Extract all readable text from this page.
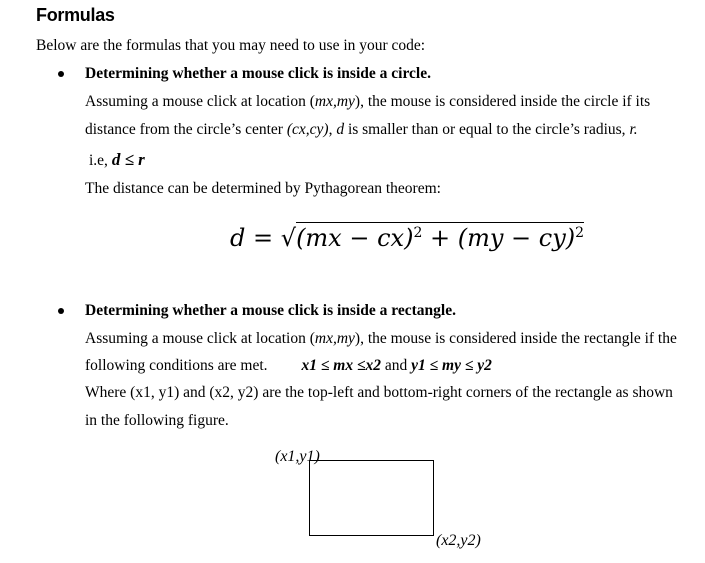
Formulas
Below are the formulas that you may need to use in your code:
Determining whether a mouse click is inside a circle.
Assuming a mouse click at location (mx,my), the mouse is considered inside the circle if its
distance from the circle’s center (cx,cy), d is smaller than or equal to the circle’s radius, r.
i.e, d ≤ r
The distance can be determined by Pythagorean theorem:
d = √(mx − cx)$^2$ + (my − cy)$^2$
Determining whether a mouse click is inside a rectangle.
Assuming a mouse click at location (mx,my), the mouse is considered inside the rectangle if the
following conditions are met. x1 ≤ mx ≤x2 and y1 ≤ my ≤ y2
Where (x1, y1) and (x2, y2) are the top-left and bottom-right corners of the rectangle as shown
in the following figure.
(x1,y1)
(x2,y2)
